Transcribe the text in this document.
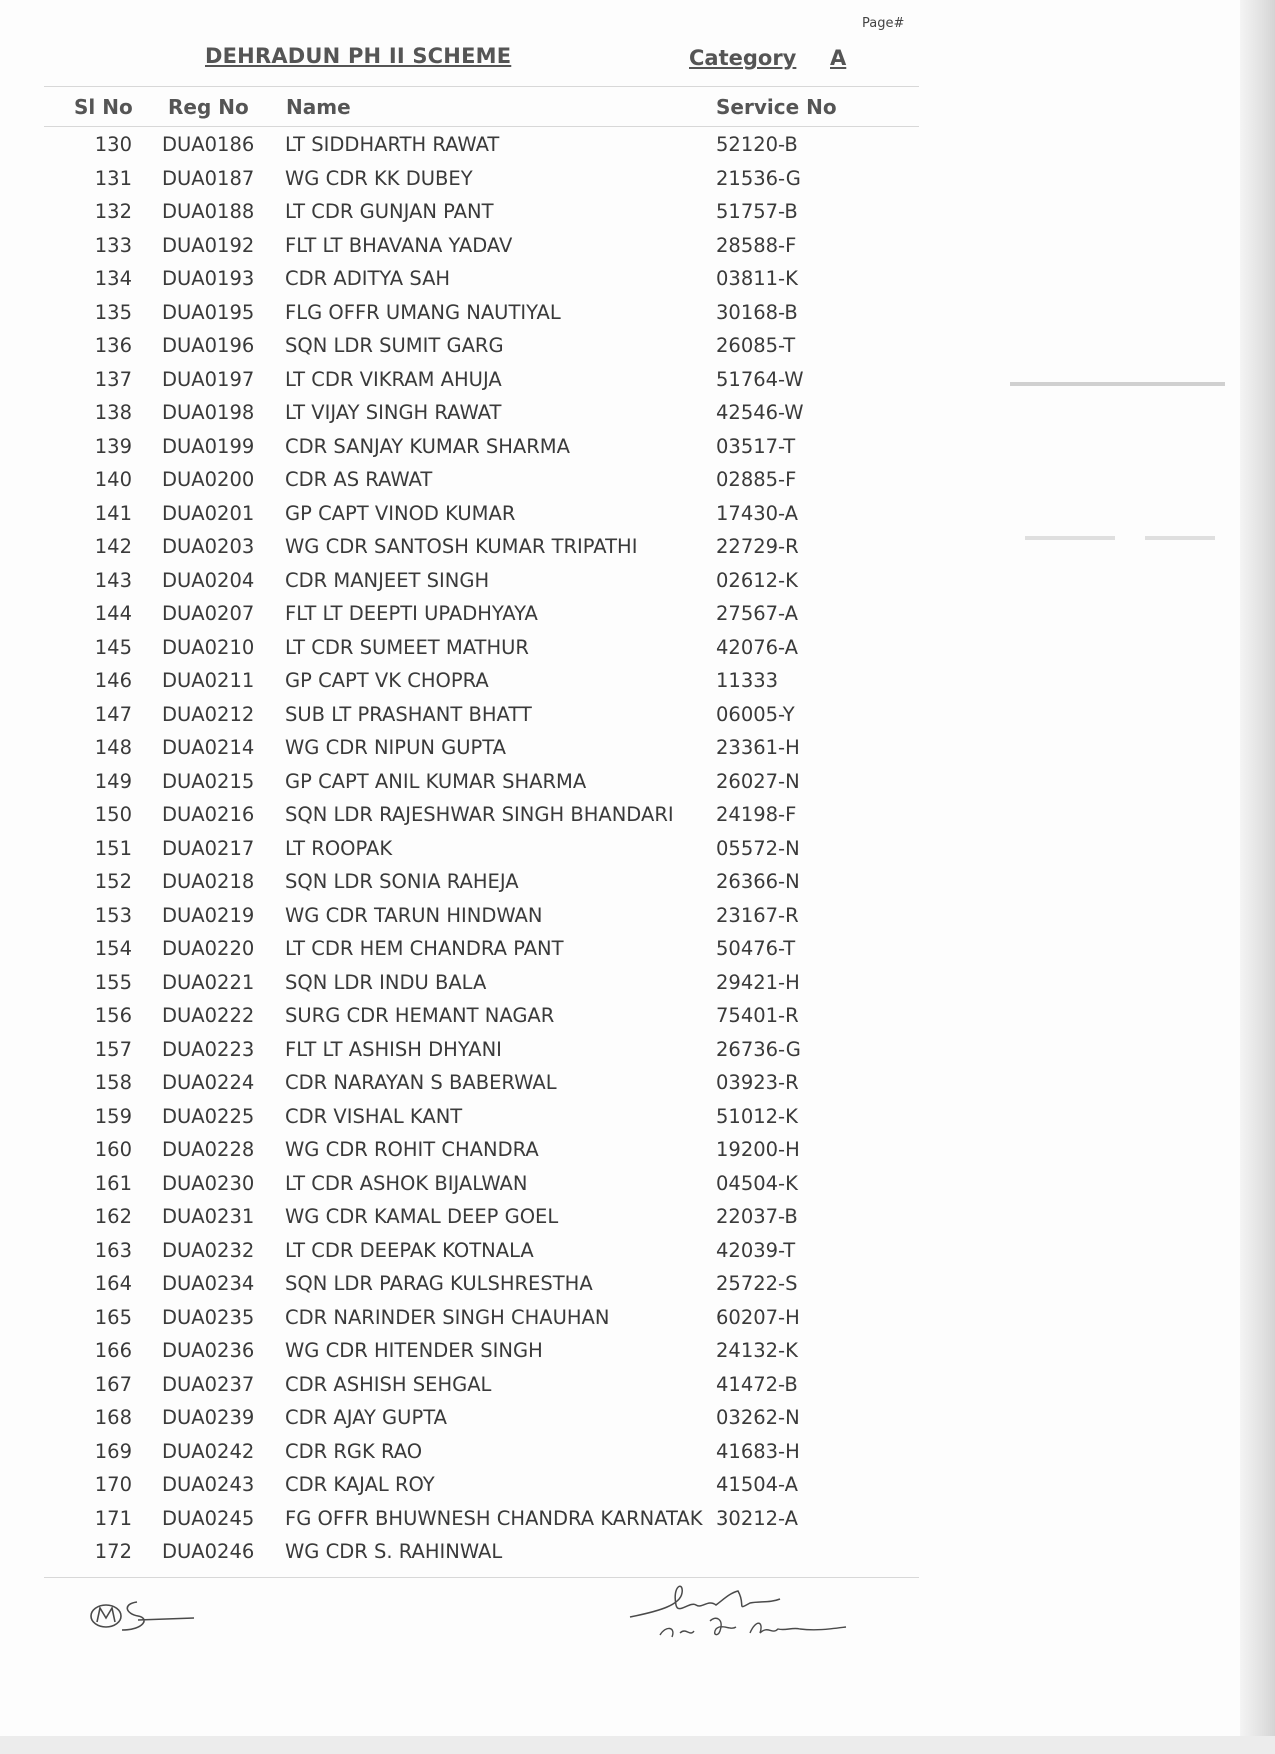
Page#
DEHRADUN PH II SCHEME	Category A
Sl No Reg No Name	Service No
130 DUA0186 LT SIDDHARTH RAWAT	52120-B
131 DUA0187 WG CDR KK DUBEY	21536-G
132 DUA0188 LT CDR GUNJAN PANT	51757-B
133 DUA0192 FLT LT BHAVANA YADAV	28588-F
134 DUA0193 CDR ADITYA SAH	03811-K
135 DUA0195 FLG OFFR UMANG NAUTIYAL	30168-B
136 DUA0196 SQN LDR SUMIT GARG	26085-T
137 DUA0197 LT CDR VIKRAM AHUJA	51764-W
138 DUA0198 LT VIJAY SINGH RAWAT	42546-W
139 DUA0199 CDR SANJAY KUMAR SHARMA	03517-T
140 DUA0200 CDR AS RAWAT	02885-F
141 DUA0201 GP CAPT VINOD KUMAR	17430-A
142 DUA0203 WG CDR SANTOSH KUMAR TRIPATHI	22729-R
143 DUA0204 CDR MANJEET SINGH	02612-K
144 DUA0207 FLT LT DEEPTI UPADHYAYA	27567-A
145 DUA0210 LT CDR SUMEET MATHUR	42076-A
146 DUA0211 GP CAPT VK CHOPRA	11333
147 DUA0212 SUB LT PRASHANT BHATT	06005-Y
148 DUA0214 WG CDR NIPUN GUPTA	23361-H
149 DUA0215 GP CAPT ANIL KUMAR SHARMA	26027-N
150 DUA0216 SQN LDR RAJESHWAR SINGH BHANDARI 24198-F
151 DUA0217 LT ROOPAK	05572-N
152 DUA0218 SQN LDR SONIA RAHEJA	26366-N
153 DUA0219 WG CDR TARUN HINDWAN	23167-R
154 DUA0220 LT CDR HEM CHANDRA PANT	50476-T
155 DUA0221 SQN LDR INDU BALA	29421-H
156 DUA0222 SURG CDR HEMANT NAGAR	75401-R
157 DUA0223 FLT LT ASHISH DHYANI	26736-G
158 DUA0224 CDR NARAYAN S BABERWAL	03923-R
159 DUA0225 CDR VISHAL KANT	51012-K
160 DUA0228 WG CDR ROHIT CHANDRA	19200-H
161 DUA0230 LT CDR ASHOK BIJALWAN	04504-K
162 DUA0231 WG CDR KAMAL DEEP GOEL	22037-B
163 DUA0232 LT CDR DEEPAK KOTNALA	42039-T
164 DUA0234 SQN LDR PARAG KULSHRESTHA	25722-S
165 DUA0235 CDR NARINDER SINGH CHAUHAN	60207-H
166 DUA0236 WG CDR HITENDER SINGH	24132-K
167 DUA0237 CDR ASHISH SEHGAL	41472-B
168 DUA0239 CDR AJAY GUPTA	03262-N
169 DUA0242 CDR RGK RAO	41683-H
170 DUA0243 CDR KAJAL ROY	41504-A
171 DUA0245 FG OFFR BHUWNESH CHANDRA KARNATAK 30212-A
172 DUA0246 WG CDR S. RAHINWAL
